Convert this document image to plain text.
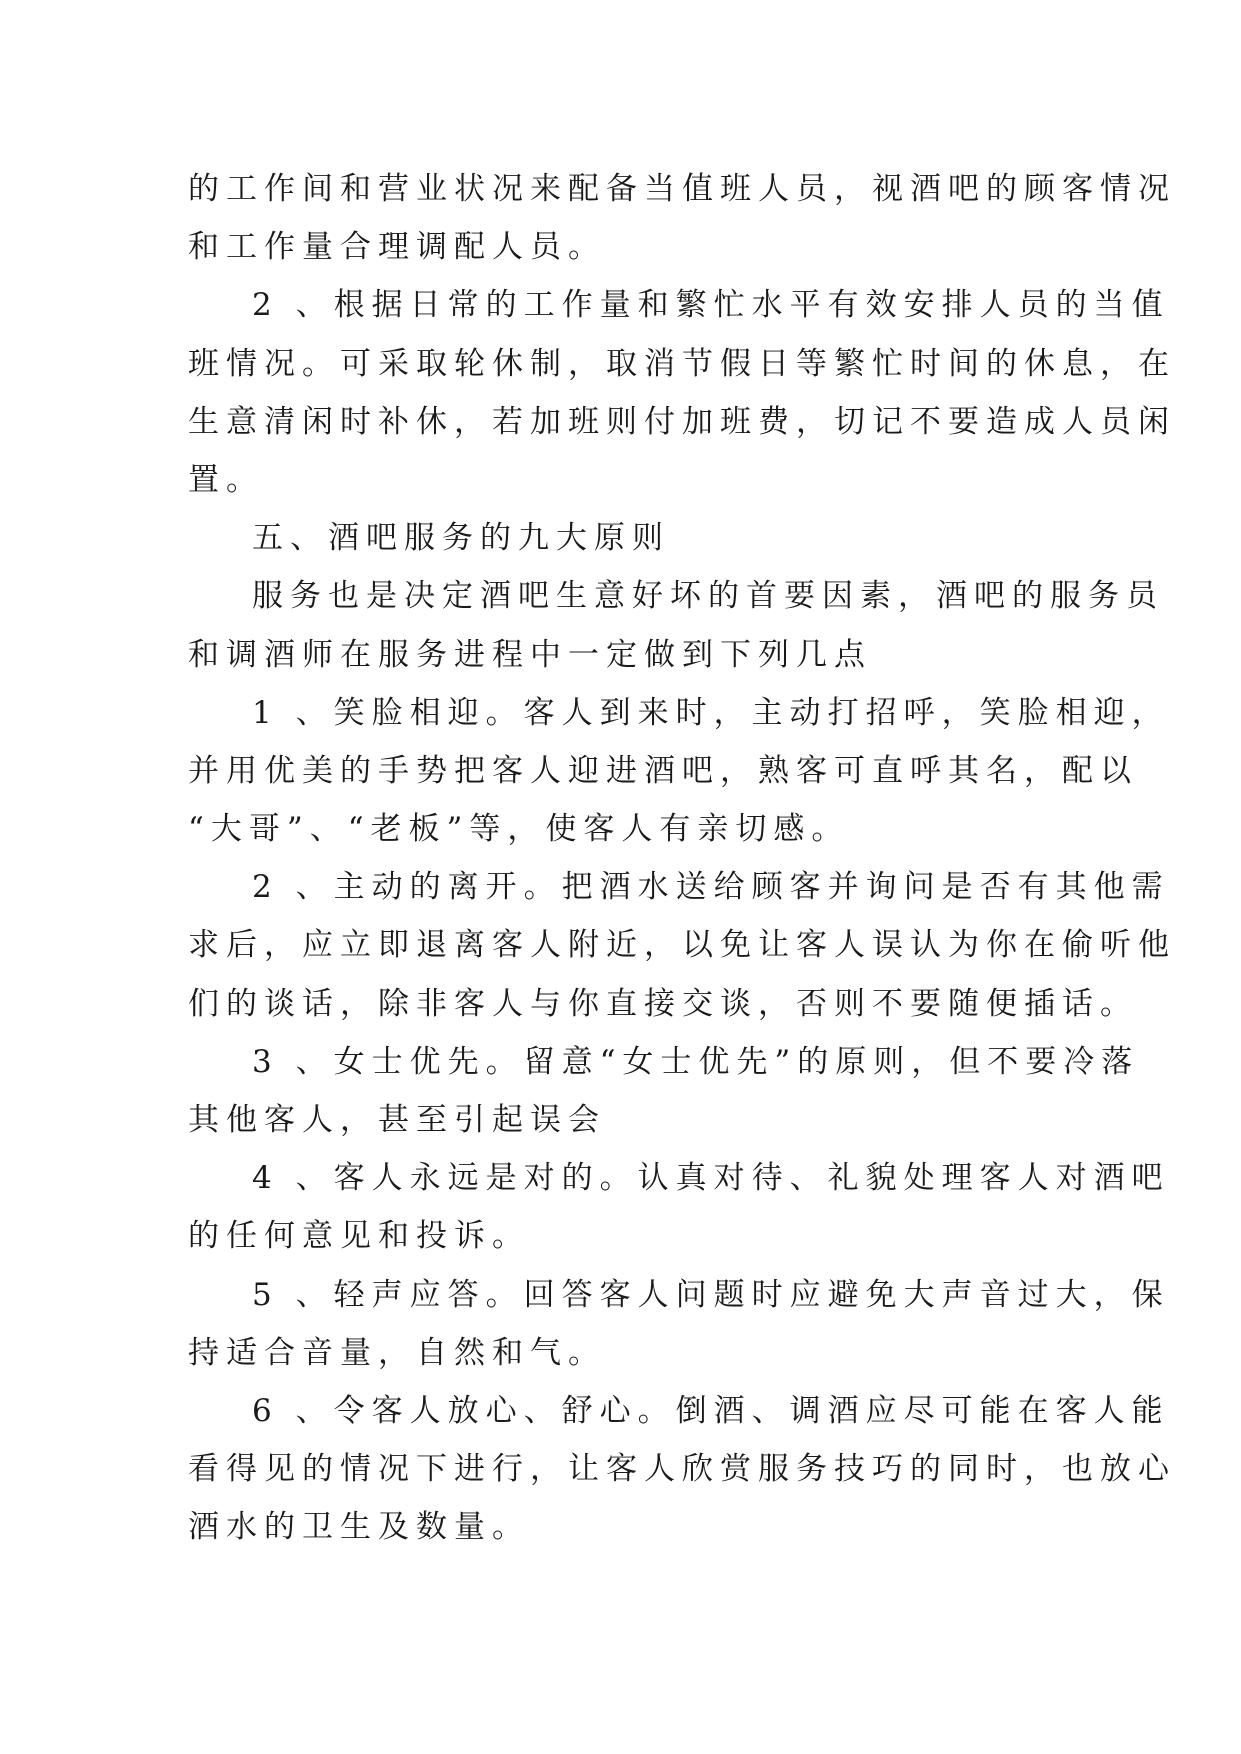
的工作间和营业状况来配备当值班人员，视酒吧的顾客情况
和工作量合理调配人员。
2 、根据日常的工作量和繁忙水平有效安排人员的当值
班情况。可采取轮休制，取消节假日等繁忙时间的休息，在
生意清闲时补休，若加班则付加班费，切记不要造成人员闲
置。
五、酒吧服务的九大原则
服务也是决定酒吧生意好坏的首要因素，酒吧的服务员
和调酒师在服务进程中一定做到下列几点
1 、笑脸相迎。客人到来时，主动打招呼，笑脸相迎，
并用优美的手势把客人迎进酒吧，熟客可直呼其名，配以
“大哥”、“老板”等，使客人有亲切感。
2 、主动的离开。把酒水送给顾客并询问是否有其他需
求后，应立即退离客人附近，以免让客人误认为你在偷听他
们的谈话，除非客人与你直接交谈，否则不要随便插话。
3 、女士优先。留意“女士优先”的原则，但不要冷落
其他客人，甚至引起误会
4 、客人永远是对的。认真对待、礼貌处理客人对酒吧
的任何意见和投诉。
5 、轻声应答。回答客人问题时应避免大声音过大，保
持适合音量，自然和气。
6 、令客人放心、舒心。倒酒、调酒应尽可能在客人能
看得见的情况下进行，让客人欣赏服务技巧的同时，也放心
酒水的卫生及数量。
